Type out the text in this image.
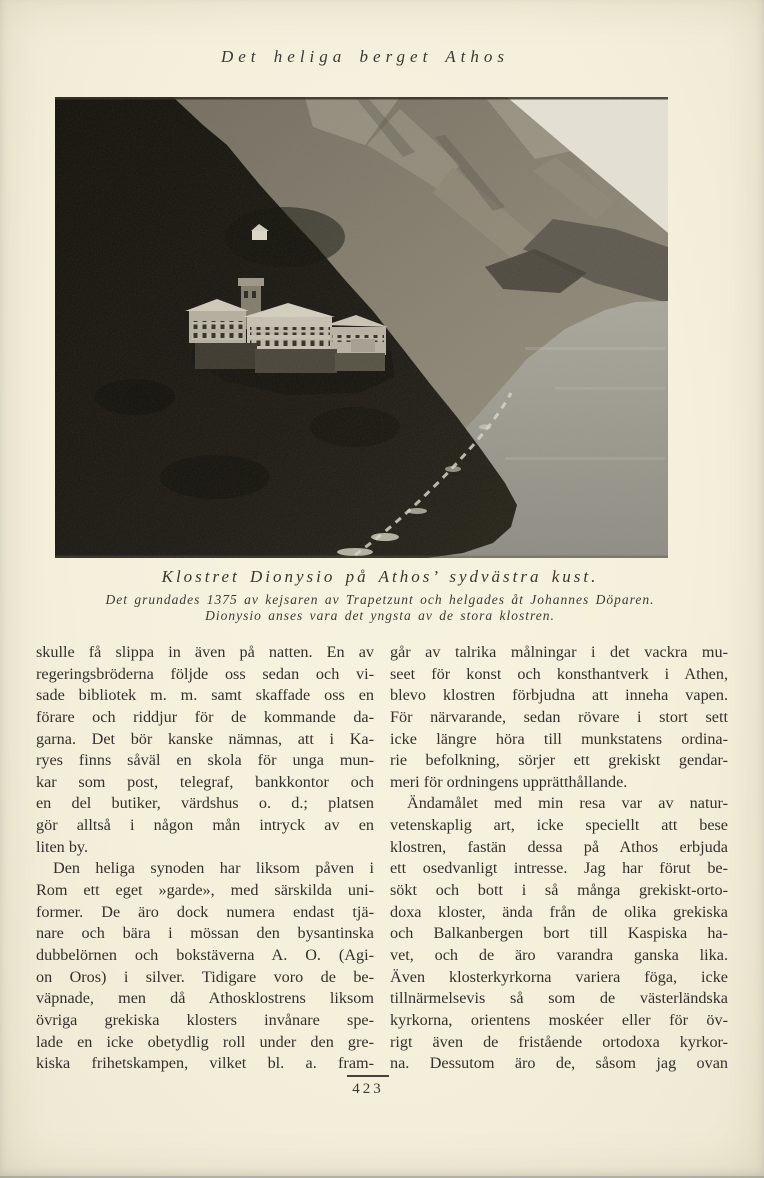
Det heliga berget Athos
Klostret Dionysio på Athos’ sydvästra kust.
Det grundades 1375 av kejsaren av Trapetzunt och helgades åt Johannes Döparen.
Dionysio anses vara det yngsta av de stora klostren.
skulle få slippa in även på natten. En av
regeringsbröderna följde oss sedan och vi-
sade bibliotek m. m. samt skaffade oss en
förare och riddjur för de kommande da-
garna. Det bör kanske nämnas, att i Ka-
ryes finns såväl en skola för unga mun-
kar som post, telegraf, bankkontor och
en del butiker, värdshus o. d.; platsen
gör alltså i någon mån intryck av en
liten by.
Den heliga synoden har liksom påven i
Rom ett eget »garde», med särskilda uni-
former. De äro dock numera endast tjä-
nare och bära i mössan den bysantinska
dubbelörnen och bokstäverna A. O. (Agi-
on Oros) i silver. Tidigare voro de be-
väpnade, men då Athosklostrens liksom
övriga grekiska klosters invånare spe-
lade en icke obetydlig roll under den gre-
kiska frihetskampen, vilket bl. a. fram-
går av talrika målningar i det vackra mu-
seet för konst och konsthantverk i Athen,
blevo klostren förbjudna att inneha vapen.
För närvarande, sedan rövare i stort sett
icke längre höra till munkstatens ordina-
rie befolkning, sörjer ett grekiskt gendar-
meri för ordningens upprätthållande.
Ändamålet med min resa var av natur-
vetenskaplig art, icke speciellt att bese
klostren, fastän dessa på Athos erbjuda
ett osedvanligt intresse. Jag har förut be-
sökt och bott i så många grekiskt-orto-
doxa kloster, ända från de olika grekiska
och Balkanbergen bort till Kaspiska ha-
vet, och de äro varandra ganska lika.
Även klosterkyrkorna variera föga, icke
tillnärmelsevis så som de västerländska
kyrkorna, orientens moskéer eller för öv-
rigt även de fristående ortodoxa kyrkor-
na. Dessutom äro de, såsom jag ovan
423
